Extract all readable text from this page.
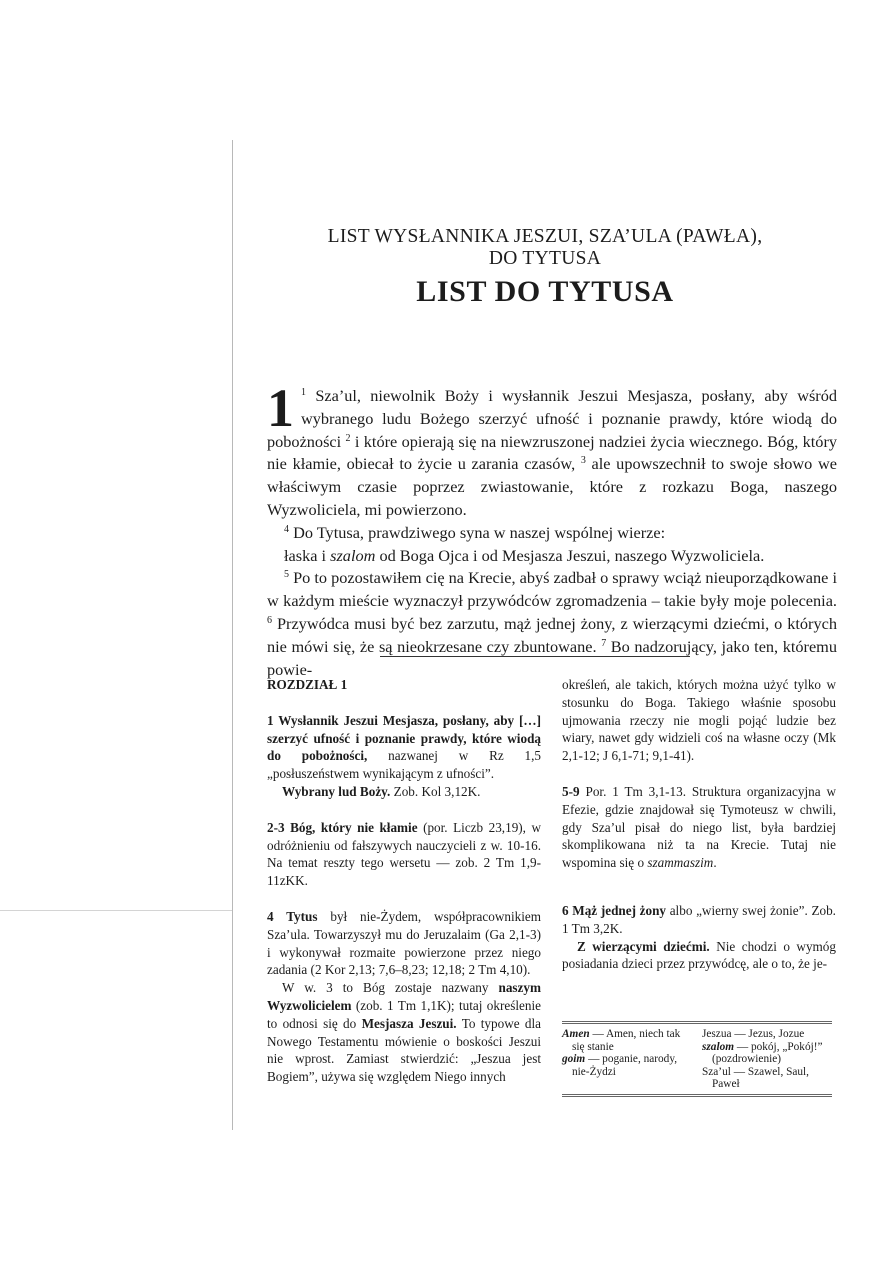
LIST WYSŁANNIKA JESZUI, SZA’ULA (PAWŁA),
DO TYTUSA
LIST DO TYTUSA

1 $^1$ Sza’ul, niewolnik Boży i wysłannik Jeszui Mesjasza, posłany, aby wśród wybranego ludu Bożego szerzyć ufność i poznanie prawdy, które wiodą do pobożności $^2$ i które opierają się na niewzruszonej nadziei życia wiecznego. Bóg, który nie kłamie, obiecał to życie u zarania czasów, $^3$ ale upowszechnił to swoje słowo we właściwym czasie poprzez zwiastowanie, które z rozkazu Boga, naszego Wyzwoliciela, mi powierzono.

$^4$ Do Tytusa, prawdziwego syna w naszej wspólnej wierze:

łaska i szalom od Boga Ojca i od Mesjasza Jeszui, naszego Wyzwoliciela.

$^5$ Po to pozostawiłem cię na Krecie, abyś zadbał o sprawy wciąż nieuporządkowane i w każdym mieście wyznaczył przywódców zgromadzenia – takie były moje polecenia. $^6$ Przywódca musi być bez zarzutu, mąż jednej żony, z wierzącymi dziećmi, o których nie mówi się, że są nieokrzesane czy zbuntowane. $^7$ Bo nadzorujący, jako ten, któremu powie-

ROZDZIAŁ 1

1 Wysłannik Jeszui Mesjasza, posłany, aby […] szerzyć ufność i poznanie prawdy, które wiodą do pobożności, nazwanej w Rz 1,5 „posłuszeństwem wynikającym z ufności”.

Wybrany lud Boży. Zob. Kol 3,12K.

2-3 Bóg, który nie kłamie (por. Liczb 23,19), w odróżnieniu od fałszywych nauczycieli z w. 10-16. Na temat reszty tego wersetu — zob. 2 Tm 1,9-11zKK.

4 Tytus był nie-Żydem, współpracownikiem Sza’ula. Towarzyszył mu do Jeruzalaim (Ga 2,1-3) i wykonywał rozmaite powierzone przez niego zadania (2 Kor 2,13; 7,6–8,23; 12,18; 2 Tm 4,10).

W w. 3 to Bóg zostaje nazwany naszym Wyzwolicielem (zob. 1 Tm 1,1K); tutaj określenie to odnosi się do Mesjasza Jeszui. To typowe dla Nowego Testamentu mówienie o boskości Jeszui nie wprost. Zamiast stwierdzić: „Jeszua jest Bogiem”, używa się względem Niego innych

określeń, ale takich, których można użyć tylko w stosunku do Boga. Takiego właśnie sposobu ujmowania rzeczy nie mogli pojąć ludzie bez wiary, nawet gdy widzieli coś na własne oczy (Mk 2,1-12; J 6,1-71; 9,1-41).

5-9 Por. 1 Tm 3,1-13. Struktura organizacyjna w Efezie, gdzie znajdował się Tymoteusz w chwili, gdy Sza’ul pisał do niego list, była bardziej skomplikowana niż ta na Krecie. Tutaj nie wspomina się o szammaszim.

6 Mąż jednej żony albo „wierny swej żonie”. Zob. 1 Tm 3,2K.

Z wierzącymi dziećmi. Nie chodzi o wymóg posiadania dzieci przez przywódcę, ale o to, że je-

Amen — Amen, niech tak się stanie
goim — poganie, narody, nie-Żydzi
Jeszua — Jezus, Jozue
szalom — pokój, „Pokój!” (pozdrowienie)
Sza’ul — Szawel, Saul, Paweł
